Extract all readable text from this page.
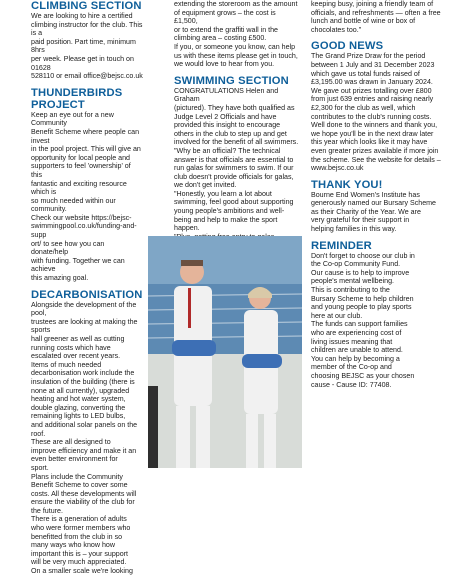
CLIMBING SECTION

We are looking to hire a certified

climbing instructor for the club. This is a

paid position. Part time, minimum 8hrs

per week. Please get in touch on 01628

528110 or email office@bejsc.co.uk

THUNDERBIRDS
PROJECT

Keep an eye out for a new Community

Benefit Scheme where people can invest

in the pool project. This will give an

opportunity for local people and

supporters to feel 'ownership' of this

fantastic and exciting resource which is

so much needed within our community.

Check our website https://bejsc-

swimmingpool.co.uk/funding-and-supp

ort/ to see how you can donate/help

with funding. Together we can achieve

this amazing goal.

DECARBONISATION

Alongside the development of the pool,

trustees are looking at making the sports

hall greener as well as cutting

running costs which have

escalated over recent years.

Items of much needed

decarbonisation work include the

insulation of the building (there is

none at all currently), upgraded

heating and hot water system,

double glazing, converting the

remaining lights to LED bulbs,

and additional solar panels on the

roof.

These are all designed to

improve efficiency and make it an

even better environment for

sport.

Plans include the Community

Benefit Scheme to cover some

costs. All these developments will

ensure the viability of the club for

the future.

There is a generation of adults

who were former members who

benefitted from the club in so

many ways who know how

important this is – your support

will be very much appreciated.

On a smaller scale we're looking

extending the storeroom as the amount

of equipment grows – the cost is £1,500,

or to extend the graffiti wall in the

climbing area – costing £500.

If you, or someone you know, can help

us with these items please get in touch,

we would love to hear from you.

SWIMMING SECTION

CONGRATULATIONS Helen and Graham

(pictured). They have both qualified as

Judge Level 2 Officials and have

provided this insight to encourage

others in the club to step up and get

involved for the benefit of all swimmers.

"Why be an official? The technical

answer is that officials are essential to

run galas for swimmers to swim. If our

club doesn't provide officials for galas,

we don't get invited.

"Honestly, you learn a lot about

swimming, feel good about supporting

young people's ambitions and well-

being and help to make the sport

happen.

keeping busy, joining a friendly team of

officials, and refreshments — often a free

lunch and bottle of wine or box of

chocolates too."

GOOD NEWS

The Grand Prize Draw for the period

between 1 July and 31 December 2023

which gave us total funds raised of

£3,195.00 was drawn in January 2024.

We gave out prizes totalling over £800

from just 639 entries and raising nearly

£2,300 for the club as well, which

contributes to the club's running costs.

Well done to the winners and thank you,

we hope you'll be in the next draw later

this year which looks like it may have

even greater prizes available if more join

the scheme. See the website for details –

www.bejsc.co.uk

THANK YOU!

Bourne End Women's Institute has

generously named our Bursary Scheme

as their Charity of the Year. We are

very grateful for their support in

helping families in this way.

REMINDER

Don't forget to choose our club in

the Co-op Community Fund.

Our cause is to help to improve

people's mental wellbeing.

This is contributing to the

Bursary Scheme to help children

and young people to play sports

here at our club.

The funds can support families

who are experiencing cost of

living issues meaning that

children are unable to attend.

You can help by becoming a

member of the Co-op and

choosing BEJSC as your chosen

cause - Cause ID: 77408.
